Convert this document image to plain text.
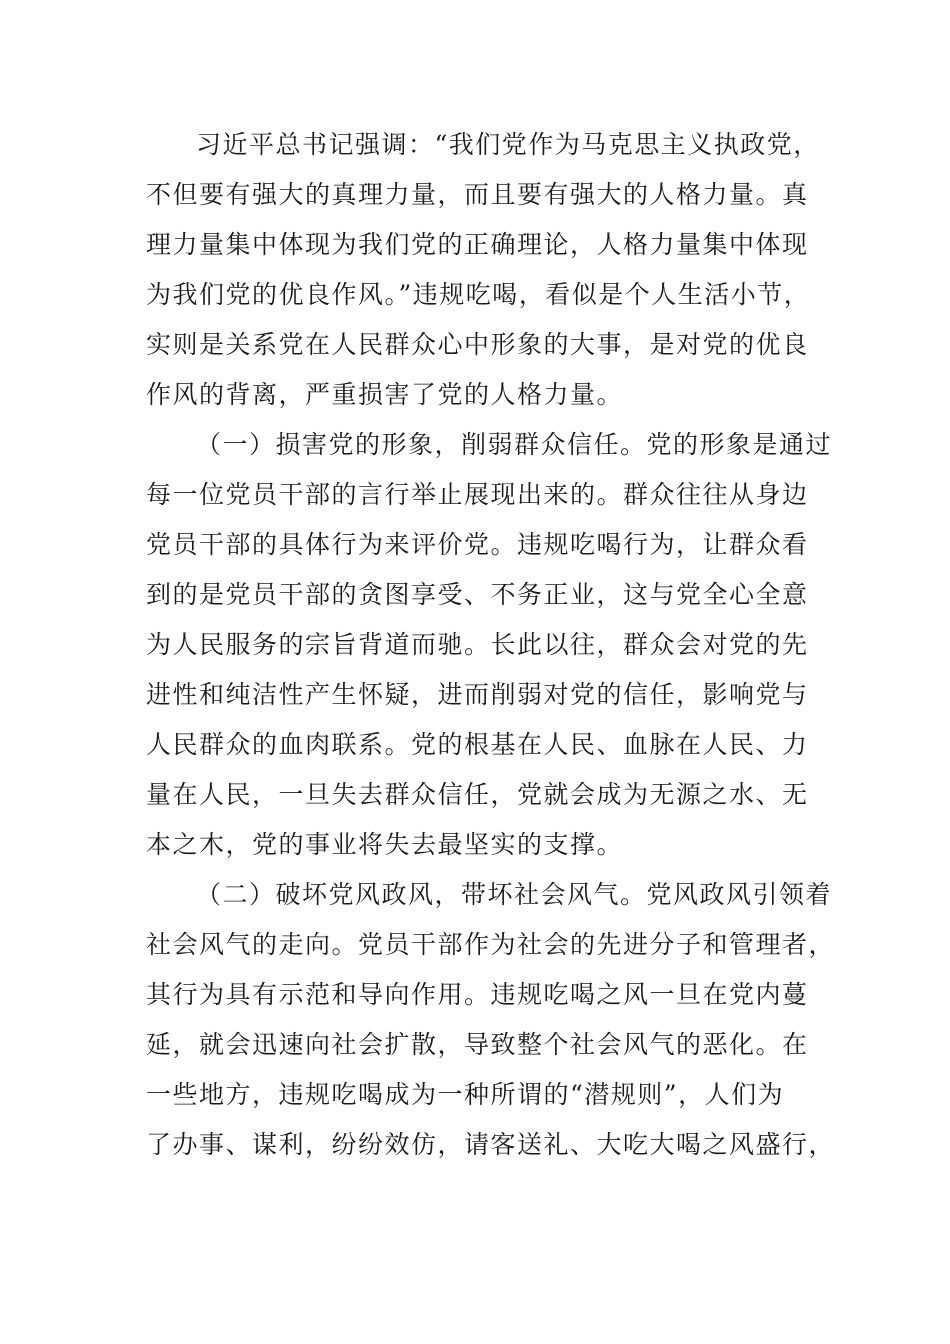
习近平总书记强调：“我们党作为马克思主义执政党，
不但要有强大的真理力量，而且要有强大的人格力量。真
理力量集中体现为我们党的正确理论，人格力量集中体现
为我们党的优良作风。”违规吃喝，看似是个人生活小节，
实则是关系党在人民群众心中形象的大事，是对党的优良
作风的背离，严重损害了党的人格力量。

（一）损害党的形象，削弱群众信任。党的形象是通过
每一位党员干部的言行举止展现出来的。群众往往从身边
党员干部的具体行为来评价党。违规吃喝行为，让群众看
到的是党员干部的贪图享受、不务正业，这与党全心全意
为人民服务的宗旨背道而驰。长此以往，群众会对党的先
进性和纯洁性产生怀疑，进而削弱对党的信任，影响党与
人民群众的血肉联系。党的根基在人民、血脉在人民、力
量在人民，一旦失去群众信任，党就会成为无源之水、无
本之木，党的事业将失去最坚实的支撑。

（二）破坏党风政风，带坏社会风气。党风政风引领着
社会风气的走向。党员干部作为社会的先进分子和管理者，
其行为具有示范和导向作用。违规吃喝之风一旦在党内蔓
延，就会迅速向社会扩散，导致整个社会风气的恶化。在
一些地方，违规吃喝成为一种所谓的“潜规则”，人们为
了办事、谋利，纷纷效仿，请客送礼、大吃大喝之风盛行，
